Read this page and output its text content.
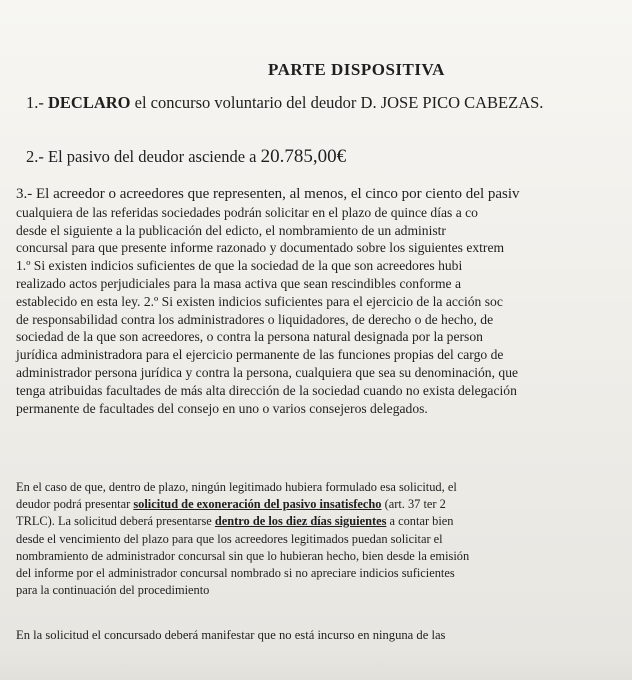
PARTE DISPOSITIVA
1.- DECLARO el concurso voluntario del deudor D. JOSE PICO CABEZAS.
2.- El pasivo del deudor asciende a 20.785,00€
3.- El acreedor o acreedores que representen, al menos, el cinco por ciento del pasiv
cualquiera de las referidas sociedades podrán solicitar en el plazo de quince días a co
desde el siguiente a la publicación del edicto, el nombramiento de un administr
concursal para que presente informe razonado y documentado sobre los siguientes extrem
1.º Si existen indicios suficientes de que la sociedad de la que son acreedores hubi
realizado actos perjudiciales para la masa activa que sean rescindibles conforme a
establecido en esta ley. 2.º Si existen indicios suficientes para el ejercicio de la acción soc
de responsabilidad contra los administradores o liquidadores, de derecho o de hecho, de
sociedad de la que son acreedores, o contra la persona natural designada por la person
jurídica administradora para el ejercicio permanente de las funciones propias del cargo de
administrador persona jurídica y contra la persona, cualquiera que sea su denominación, que
tenga atribuidas facultades de más alta dirección de la sociedad cuando no exista delegación
permanente de facultades del consejo en uno o varios consejeros delegados.
En el caso de que, dentro de plazo, ningún legitimado hubiera formulado esa solicitud, el
deudor podrá presentar solicitud de exoneración del pasivo insatisfecho (art. 37 ter 2
TRLC). La solicitud deberá presentarse dentro de los diez días siguientes a contar bien
desde el vencimiento del plazo para que los acreedores legitimados puedan solicitar el
nombramiento de administrador concursal sin que lo hubieran hecho, bien desde la emisión
del informe por el administrador concursal nombrado si no apreciare indicios suficientes
para la continuación del procedimiento
En la solicitud el concursado deberá manifestar que no está incurso en ninguna de las
